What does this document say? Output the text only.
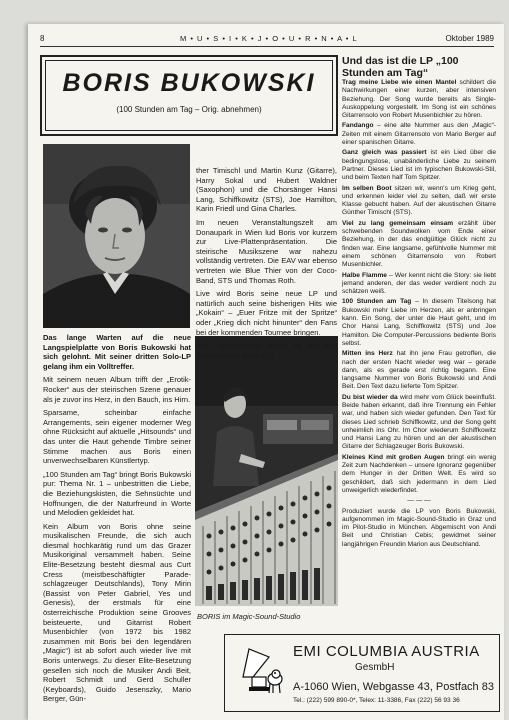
8	M • U • S • I • K • J • O • U • R • N • A • L	Oktober 1989
BORIS BUKOWSKI
(100 Stunden am Tag – Orig. abnehmen)
BORIS im Magic-Sound-Studio

Das lange Warten auf die neue Langspielplatte von Boris Bukowski hat sich gelohnt. Mit seiner dritten Solo-LP gelang ihm ein Volltreffer.

Mit seinem neuen Album trifft der „Erotik-Rocker“ aus der steirischen Szene genauer als je zuvor ins Herz, in den Bauch, ins Hirn.

Sparsame, scheinbar einfache Arrangements, sein eigener moderner Weg ohne Rücksicht auf aktuelle „Hitsounds“ und das unter die Haut gehende Timbre seiner Stimme machen aus Boris einen unverwechselbaren Künstlertyp.

„100 Stunden am Tag“ bringt Boris Bukowski pur: Thema Nr. 1 – unbestritten die Liebe, die Beziehungskisten, die Sehnsüchte und Hoffnungen, die der Naturfreund in Worte und Melodien gekleidet hat.

Kein Album von Boris ohne seine musikalischen Freunde, die sich auch diesmal hochkarätig rund um das Grazer Musikoriginal versammelt haben. Seine Elite-Besetzung besteht diesmal aus Curt Cress (meistbeschäftigter Parade-schlagzeuger Deutschlands), Tony Mirin (Bassist von Peter Gabriel, Yes und Genesis), der erstmals für eine österreichische Produktion seine Grooves beisteuerte, und Gitarrist Robert Musenbichler (von 1972 bis 1982 zusammen mit Boris bei den legendären „Magic“) ist ab sofort auch wieder live mit Boris unterwegs. Zu dieser Elite-Besetzung gesellen sich noch die Musiker Andi Beit, Robert Schmidt und Gerd Schuller (Keyboards), Guido Jesenszky, Mario Berger, Gün-

ther Timischl und Martin Kunz (Gitarre), Harry Sokal und Hubert Waldner (Saxophon) und die Chorsänger Hansi Lang, Schiffkowitz (STS), Joe Hamilton, Karin Friedl und Gina Charles.

Im neuen Veranstaltungszelt am Donaupark in Wien lud Boris vor kurzem zur Live-Plattenpräsentation. Die steirische Musikszene war nahezu vollständig vertreten. Die EAV war ebenso vertreten wie Blue Thier von der Coco-Band, STS und Thomas Roth.

Live wird Boris seine neue LP und natürlich auch seine bisherigen Hits wie „Kokain“ – „Euer Fritze mit der Spritze“ oder „Krieg dich nicht hinunter“ den Fans bei der kommenden Tournee bringen.

(Die Tourneedaten findet Ihr bei den Terminen auf Seite 31.)

Und das ist die LP „100 Stunden am Tag“

Trag meine Liebe wie einen Mantel schildert die Nachwirkungen einer kurzen, aber intensiven Beziehung. Der Song wurde bereits als Single-Auskoppelung vorgestellt. Im Song ist ein schönes Gitarrensolo von Robert Musenbichler zu hören.

Fandango – eine alte Nummer aus den „Magic“-Zeiten mit einem Gitarrensolo von Mario Berger auf einer spanischen Gitarre.

Ganz gleich was passiert ist ein Lied über die bedingungslose, unabänderliche Liebe zu seinem Partner. Dieses Lied ist im typischen Bukowski-Stil, und beim Texten half Tom Spitzer.

Im selben Boot sitzen wir, wenn's um Krieg geht, und erkennen leider viel zu selten, daß wir erste Klasse gebucht haben. Auf der akustischen Gitarre Günther Timischl (STS).

Viel zu lang gemeinsam einsam erzählt über schwebenden Soundwolken vom Ende einer Beziehung, in der das endgültige Glück nicht zu finden war. Eine langsame, gefühlvolle Nummer mit einem schönen Gitarrensolo von Robert Musenbichler.

Halbe Flamme – Wer kennt nicht die Story: sie liebt jemand anderen, der das weder verdient noch zu schätzen weiß.

100 Stunden am Tag – In diesem Titelsong hat Bukowski mehr Liebe im Herzen, als er anbringen kann. Ein Song, der unter die Haut geht, und im Chor Hansi Lang, Schiffkowitz (STS) und Joe Hamilton. Die Computer-Percussions bediente Boris selbst.

Mitten ins Herz hat ihn jene Frau getroffen, die nach der ersten Nacht wieder weg war – gerade dann, als es gerade erst richtig begann. Eine langsame Nummer von Boris Bukowski und Andi Beit. Den Text dazu lieferte Tom Spitzer.

Du bist wieder da wird mehr vom Glück beeinflußt. Beide haben erkannt, daß ihre Trennung ein Fehler war, und haben sich wieder gefunden. Den Text für dieses Lied schrieb Schiffkowitz, und der Song geht unheimlich ins Ohr. Im Chor wiederum Schiffkowitz und Hansi Lang zu hören und an der akustischen Gitarre der Schlagzeuger Boris Bukowski.

Kleines Kind mit großen Augen bringt ein wenig Zeit zum Nachdenken – unsere Ignoranz gegenüber dem Hunger in der Dritten Welt. Es wird so geschildert, daß sich jedermann in dem Lied unweigerlich wiederfindet.

— — —

Produziert wurde die LP von Boris Bukowski, aufgenommen im Magic-Sound-Studio in Graz und im Pilot-Studio in München. Abgemischt von Andi Beit und Christian Cebis; gewidmet seiner langjährigen Freundin Marion aus Deutschland.

EMI COLUMBIA AUSTRIA
GesmbH
A-1060 Wien, Webgasse 43, Postfach 83
Tel.: (222) 599 890-0*, Telex: 11-3386, Fax (222) 56 93 36
